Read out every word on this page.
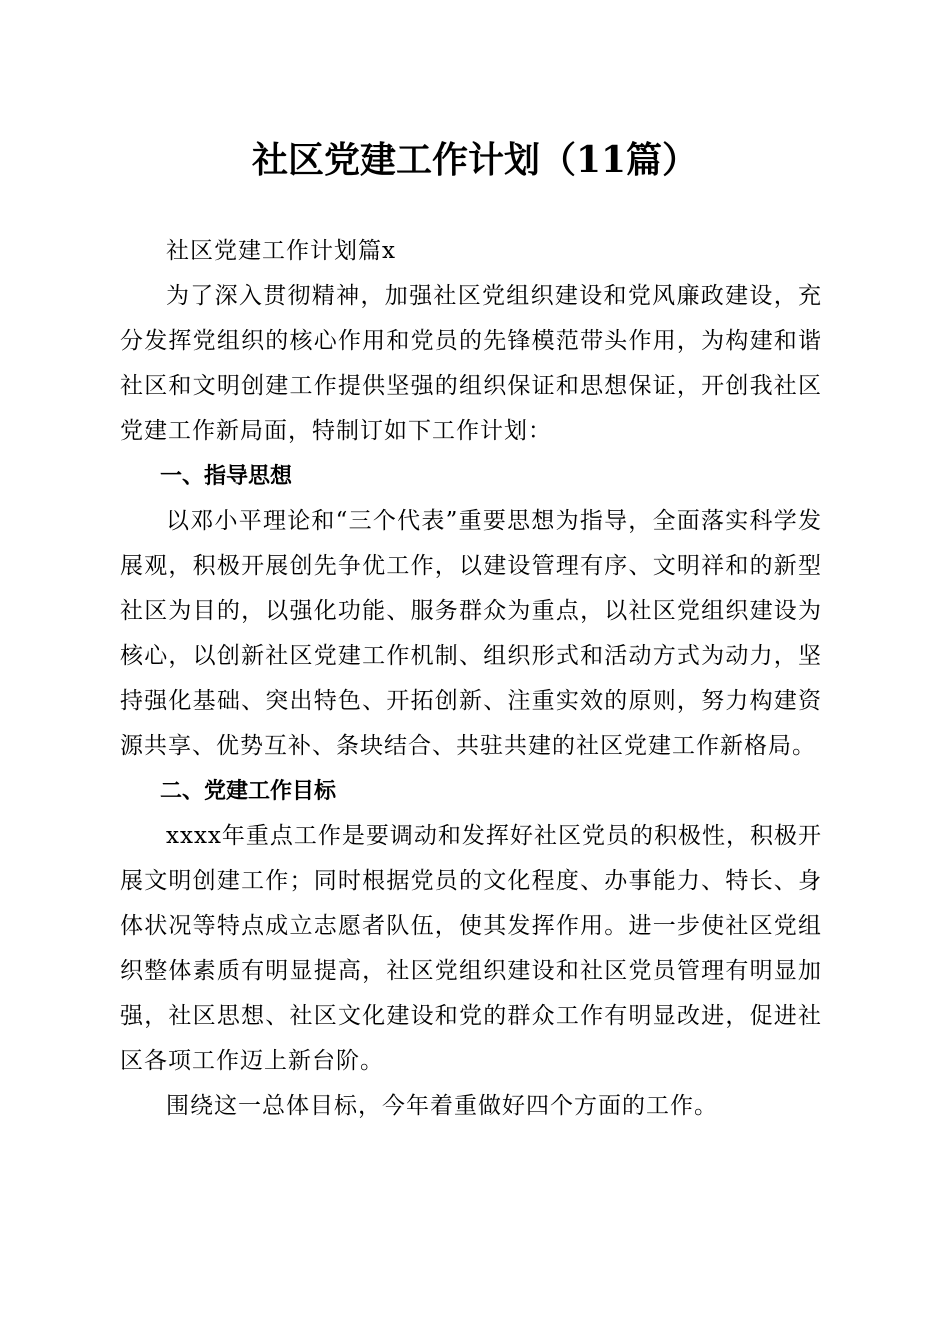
社区党建工作计划（11篇）

社区党建工作计划篇x

为了深入贯彻精神，加强社区党组织建设和党风廉政建设，充分发挥党组织的核心作用和党员的先锋模范带头作用，为构建和谐社区和文明创建工作提供坚强的组织保证和思想保证，开创我社区党建工作新局面，特制订如下工作计划：

一、指导思想

以邓小平理论和“三个代表”重要思想为指导，全面落实科学发展观，积极开展创先争优工作，以建设管理有序、文明祥和的新型社区为目的，以强化功能、服务群众为重点，以社区党组织建设为核心，以创新社区党建工作机制、组织形式和活动方式为动力，坚持强化基础、突出特色、开拓创新、注重实效的原则，努力构建资源共享、优势互补、条块结合、共驻共建的社区党建工作新格局。

二、党建工作目标

xxxx年重点工作是要调动和发挥好社区党员的积极性，积极开展文明创建工作；同时根据党员的文化程度、办事能力、特长、身体状况等特点成立志愿者队伍，使其发挥作用。进一步使社区党组织整体素质有明显提高，社区党组织建设和社区党员管理有明显加强，社区思想、社区文化建设和党的群众工作有明显改进，促进社区各项工作迈上新台阶。

围绕这一总体目标，今年着重做好四个方面的工作。
